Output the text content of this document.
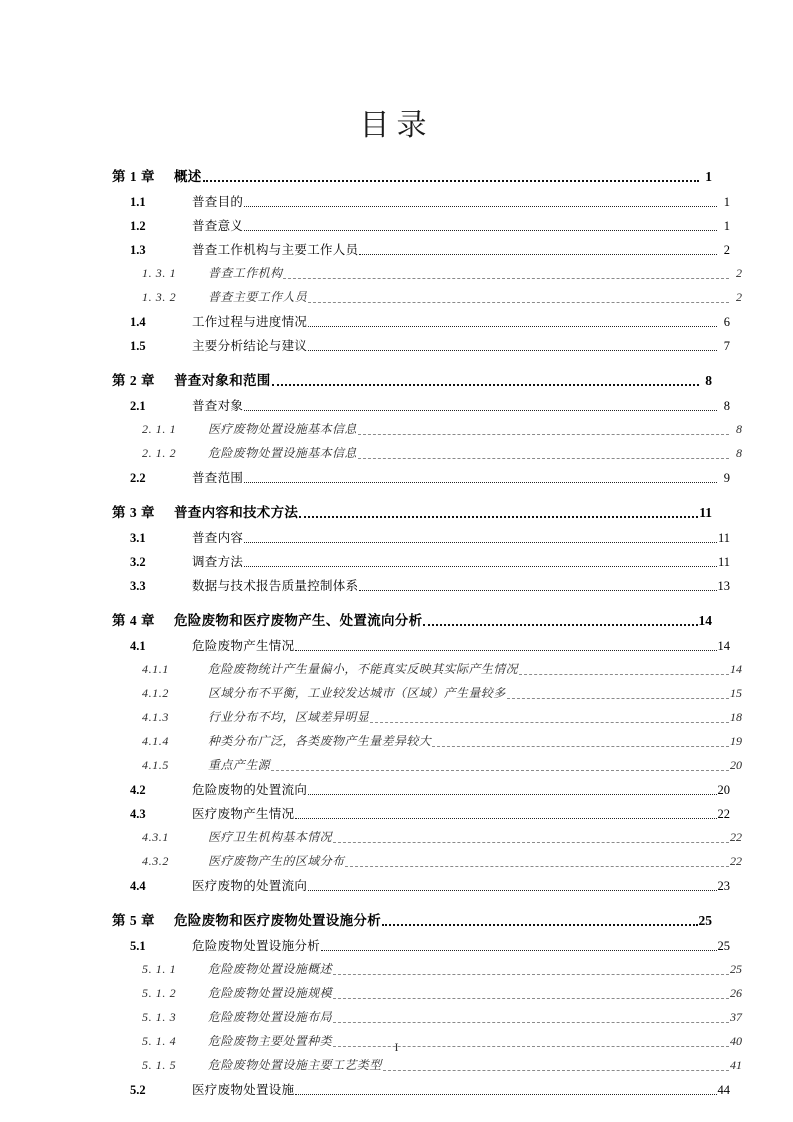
目录
第 1 章	概述	1
1.1	普查目的	1
1.2	普查意义	1
1.3	普查工作机构与主要工作人员	2
1. 3. 1	普查工作机构	2
1. 3. 2	普查主要工作人员	2
1.4	工作过程与进度情况	6
1.5	主要分析结论与建议	7
第 2 章	普查对象和范围	8
2.1	普查对象	8
2. 1. 1	医疗废物处置设施基本信息	8
2. 1. 2	危险废物处置设施基本信息	8
2.2	普查范围	9
第 3 章	普查内容和技术方法	11
3.1	普查内容	11
3.2	调查方法	11
3.3	数据与技术报告质量控制体系	13
第 4 章	危险废物和医疗废物产生、处置流向分析	14
4.1	危险废物产生情况	14
4.1.1	危险废物统计产生量偏小，不能真实反映其实际产生情况	14
4.1.2	区域分布不平衡，工业较发达城市（区域）产生量较多	15
4.1.3	行业分布不均，区域差异明显	18
4.1.4	种类分布广泛，各类废物产生量差异较大	19
4.1.5	重点产生源	20
4.2	危险废物的处置流向	20
4.3	医疗废物产生情况	22
4.3.1	医疗卫生机构基本情况	22
4.3.2	医疗废物产生的区域分布	22
4.4	医疗废物的处置流向	23
第 5 章	危险废物和医疗废物处置设施分析	25
5.1	危险废物处置设施分析	25
5. 1. 1	危险废物处置设施概述	25
5. 1. 2	危险废物处置设施规模	26
5. 1. 3	危险废物处置设施布局	37
5. 1. 4	危险废物主要处置种类	40
5. 1. 5	危险废物处置设施主要工艺类型	41
5.2	医疗废物处置设施	44
I
